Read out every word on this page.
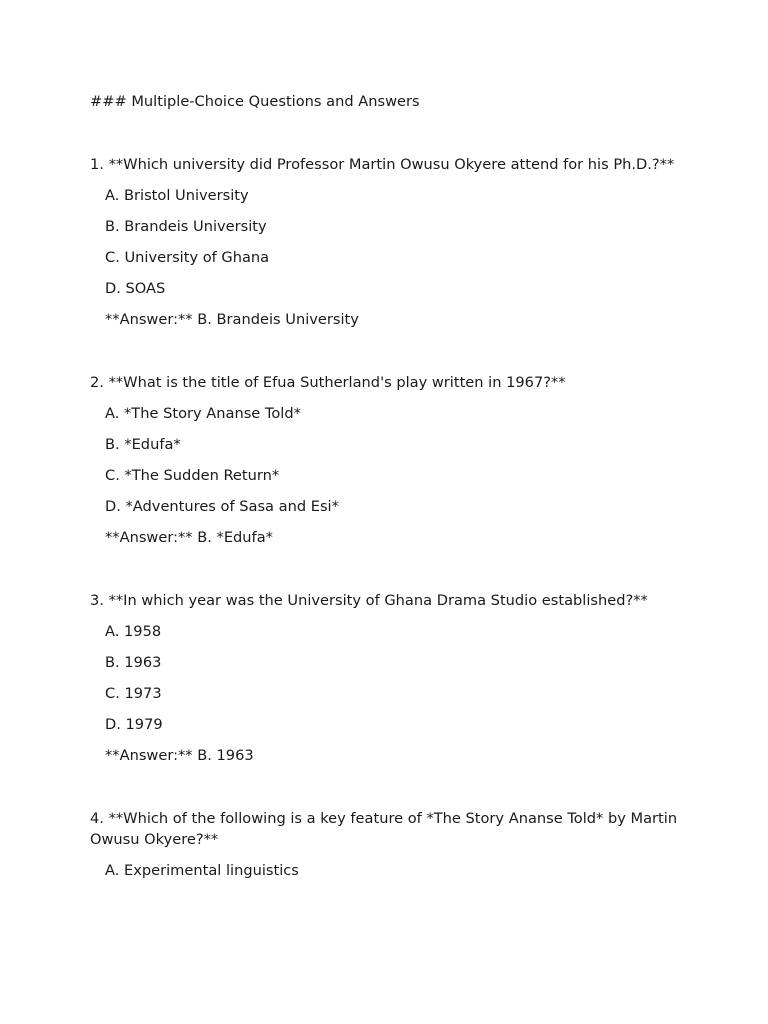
### Multiple-Choice Questions and Answers

1. **Which university did Professor Martin Owusu Okyere attend for his Ph.D.?**

A. Bristol University
B. Brandeis University
C. University of Ghana
D. SOAS
**Answer:** B. Brandeis University

2. **What is the title of Efua Sutherland's play written in 1967?**

A. *The Story Ananse Told*
B. *Edufa*
C. *The Sudden Return*
D. *Adventures of Sasa and Esi*
**Answer:** B. *Edufa*

3. **In which year was the University of Ghana Drama Studio established?**

A. 1958
B. 1963
C. 1973
D. 1979
**Answer:** B. 1963

4. **Which of the following is a key feature of *The Story Ananse Told* by Martin Owusu Okyere?**

A. Experimental linguistics
